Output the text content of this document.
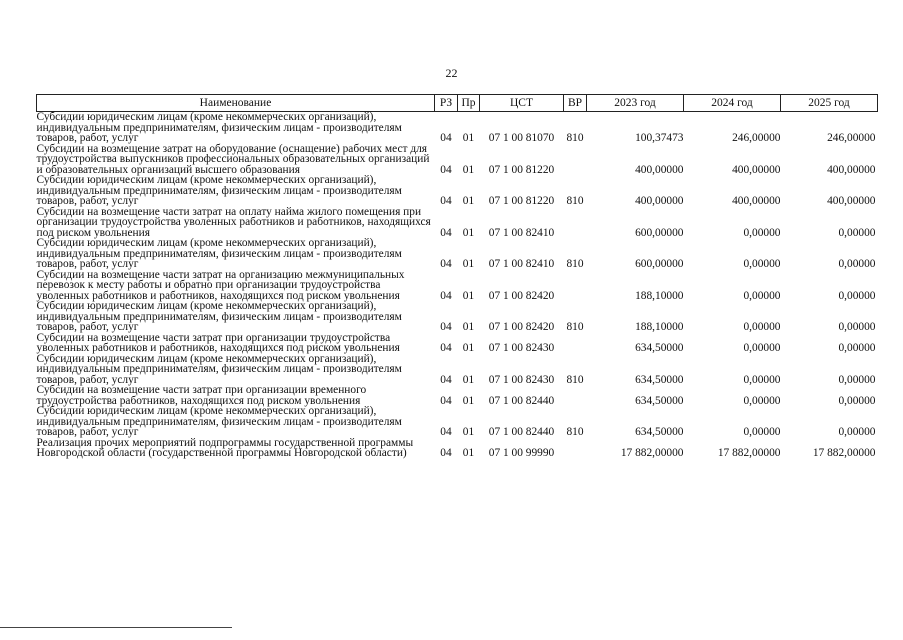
22
Наименование	РЗ	Пр	ЦСТ	ВР	2023 год	2024 год	2025 год
Субсидии юридическим лицам (кроме некоммерческих организаций), индивидуальным предпринимателям, физическим лицам - производителям товаров, работ, услуг	04	01	07 1 00 81070	810	100,37473	246,00000	246,00000
Субсидии на возмещение затрат на оборудование (оснащение) рабочих мест для трудоустройства выпускников профессиональных образовательных организаций и образовательных организаций высшего образования	04	01	07 1 00 81220		400,00000	400,00000	400,00000
Субсидии юридическим лицам (кроме некоммерческих организаций), индивидуальным предпринимателям, физическим лицам - производителям товаров, работ, услуг	04	01	07 1 00 81220	810	400,00000	400,00000	400,00000
Субсидии на возмещение части затрат на оплату найма жилого помещения при организации трудоустройства уволенных работников и работников, находящихся под риском увольнения	04	01	07 1 00 82410		600,00000	0,00000	0,00000
Субсидии юридическим лицам (кроме некоммерческих организаций), индивидуальным предпринимателям, физическим лицам - производителям товаров, работ, услуг	04	01	07 1 00 82410	810	600,00000	0,00000	0,00000
Субсидии на возмещение части затрат на организацию межмуниципальных перевозок к месту работы и обратно при организации трудоустройства уволенных работников и работников, находящихся под риском увольнения	04	01	07 1 00 82420		188,10000	0,00000	0,00000
Субсидии юридическим лицам (кроме некоммерческих организаций), индивидуальным предпринимателям, физическим лицам - производителям товаров, работ, услуг	04	01	07 1 00 82420	810	188,10000	0,00000	0,00000
Субсидии на возмещение части затрат при организации трудоустройства уволенных работников и работников, находящихся под риском увольнения	04	01	07 1 00 82430		634,50000	0,00000	0,00000
Субсидии юридическим лицам (кроме некоммерческих организаций), индивидуальным предпринимателям, физическим лицам - производителям товаров, работ, услуг	04	01	07 1 00 82430	810	634,50000	0,00000	0,00000
Субсидии на возмещение части затрат при организации временного трудоустройства работников, находящихся под риском увольнения	04	01	07 1 00 82440		634,50000	0,00000	0,00000
Субсидии юридическим лицам (кроме некоммерческих организаций), индивидуальным предпринимателям, физическим лицам - производителям товаров, работ, услуг	04	01	07 1 00 82440	810	634,50000	0,00000	0,00000
Реализация прочих мероприятий подпрограммы государственной программы Новгородской области (государственной программы Новгородской области)	04	01	07 1 00 99990		17 882,00000	17 882,00000	17 882,00000
